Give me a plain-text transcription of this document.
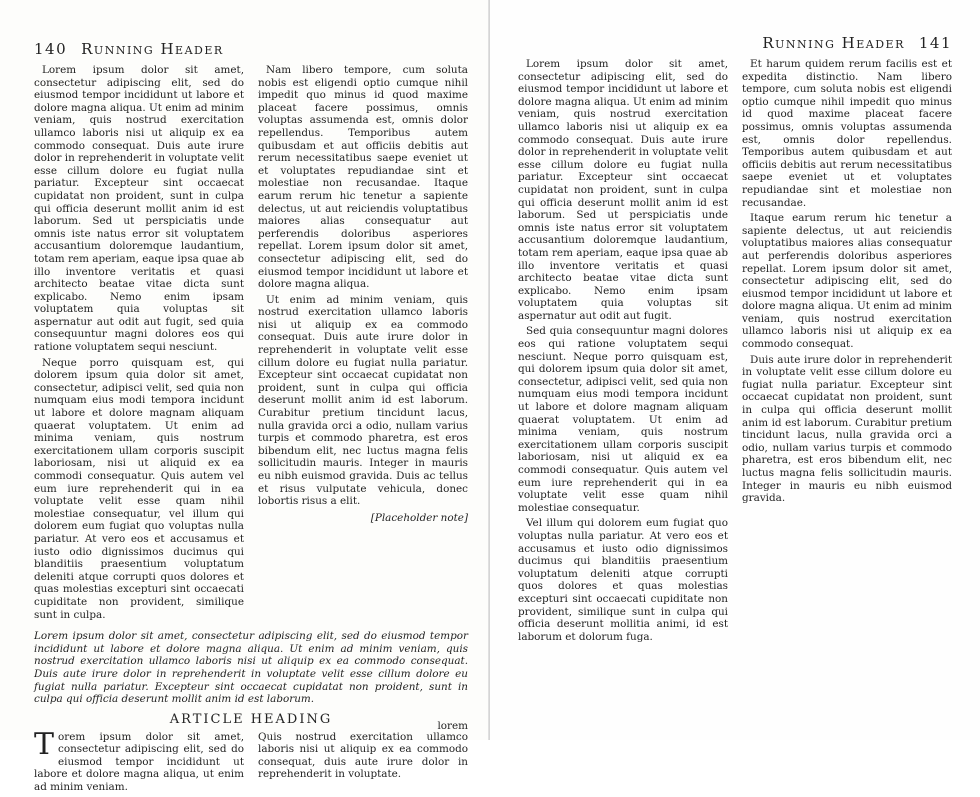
140 Running Header

Lorem ipsum dolor sit amet, consectetur adipiscing elit, sed do eiusmod tempor incididunt ut labore et dolore magna aliqua. Ut enim ad minim veniam, quis nostrud exercitation ullamco laboris nisi ut aliquip ex ea commodo consequat. Duis aute irure dolor in reprehenderit in voluptate velit esse cillum dolore eu fugiat nulla pariatur. Excepteur sint occaecat cupidatat non proident, sunt in culpa qui officia deserunt mollit anim id est laborum. Sed ut perspiciatis unde omnis iste natus error sit voluptatem accusantium doloremque laudantium, totam rem aperiam, eaque ipsa quae ab illo inventore veritatis et quasi architecto beatae vitae dicta sunt explicabo. Nemo enim ipsam voluptatem quia voluptas sit aspernatur aut odit aut fugit, sed quia consequuntur magni dolores eos qui ratione voluptatem sequi nesciunt.

Neque porro quisquam est, qui dolorem ipsum quia dolor sit amet, consectetur, adipisci velit, sed quia non numquam eius modi tempora incidunt ut labore et dolore magnam aliquam quaerat voluptatem. Ut enim ad minima veniam, quis nostrum exercitationem ullam corporis suscipit laboriosam, nisi ut aliquid ex ea commodi consequatur. Quis autem vel eum iure reprehenderit qui in ea voluptate velit esse quam nihil molestiae consequatur, vel illum qui dolorem eum fugiat quo voluptas nulla pariatur. At vero eos et accusamus et iusto odio dignissimos ducimus qui blanditiis praesentium voluptatum deleniti atque corrupti quos dolores et quas molestias excepturi sint occaecati cupiditate non provident, similique sunt in culpa.

Nam libero tempore, cum soluta nobis est eligendi optio cumque nihil impedit quo minus id quod maxime placeat facere possimus, omnis voluptas assumenda est, omnis dolor repellendus. Temporibus autem quibusdam et aut officiis debitis aut rerum necessitatibus saepe eveniet ut et voluptates repudiandae sint et molestiae non recusandae. Itaque earum rerum hic tenetur a sapiente delectus, ut aut reiciendis voluptatibus maiores alias consequatur aut perferendis doloribus asperiores repellat. Lorem ipsum dolor sit amet, consectetur adipiscing elit, sed do eiusmod tempor incididunt ut labore et dolore magna aliqua.

Ut enim ad minim veniam, quis nostrud exercitation ullamco laboris nisi ut aliquip ex ea commodo consequat. Duis aute irure dolor in reprehenderit in voluptate velit esse cillum dolore eu fugiat nulla pariatur. Excepteur sint occaecat cupidatat non proident, sunt in culpa qui officia deserunt mollit anim id est laborum. Curabitur pretium tincidunt lacus, nulla gravida orci a odio, nullam varius turpis et commodo pharetra, est eros bibendum elit, nec luctus magna felis sollicitudin mauris. Integer in mauris eu nibh euismod gravida. Duis ac tellus et risus vulputate vehicula, donec lobortis risus a elit.

[Placeholder note]
Lorem ipsum dolor sit amet, consectetur adipiscing elit, sed do eiusmod tempor incididunt ut labore et dolore magna aliqua. Ut enim ad minim veniam, quis nostrud exercitation ullamco laboris nisi ut aliquip ex ea commodo consequat. Duis aute irure dolor in reprehenderit in voluptate velit esse cillum dolore eu fugiat nulla pariatur. Excepteur sint occaecat cupidatat non proident, sunt in culpa qui officia deserunt mollit anim id est laborum.
ARTICLE HEADING

Torem ipsum dolor sit amet, consectetur adipiscing elit, sed do eiusmod tempor incididunt ut labore et dolore magna aliqua, ut enim ad minim veniam.

Quis nostrud exercitation ullamco laboris nisi ut aliquip ex ea commodo consequat, duis aute irure dolor in reprehenderit in voluptate.

lorem
Running Header 141

Lorem ipsum dolor sit amet, consectetur adipiscing elit, sed do eiusmod tempor incididunt ut labore et dolore magna aliqua. Ut enim ad minim veniam, quis nostrud exercitation ullamco laboris nisi ut aliquip ex ea commodo consequat. Duis aute irure dolor in reprehenderit in voluptate velit esse cillum dolore eu fugiat nulla pariatur. Excepteur sint occaecat cupidatat non proident, sunt in culpa qui officia deserunt mollit anim id est laborum. Sed ut perspiciatis unde omnis iste natus error sit voluptatem accusantium doloremque laudantium, totam rem aperiam, eaque ipsa quae ab illo inventore veritatis et quasi architecto beatae vitae dicta sunt explicabo. Nemo enim ipsam voluptatem quia voluptas sit aspernatur aut odit aut fugit.

Sed quia consequuntur magni dolores eos qui ratione voluptatem sequi nesciunt. Neque porro quisquam est, qui dolorem ipsum quia dolor sit amet, consectetur, adipisci velit, sed quia non numquam eius modi tempora incidunt ut labore et dolore magnam aliquam quaerat voluptatem. Ut enim ad minima veniam, quis nostrum exercitationem ullam corporis suscipit laboriosam, nisi ut aliquid ex ea commodi consequatur. Quis autem vel eum iure reprehenderit qui in ea voluptate velit esse quam nihil molestiae consequatur.

Vel illum qui dolorem eum fugiat quo voluptas nulla pariatur. At vero eos et accusamus et iusto odio dignissimos ducimus qui blanditiis praesentium voluptatum deleniti atque corrupti quos dolores et quas molestias excepturi sint occaecati cupiditate non provident, similique sunt in culpa qui officia deserunt mollitia animi, id est laborum et dolorum fuga.

Et harum quidem rerum facilis est et expedita distinctio. Nam libero tempore, cum soluta nobis est eligendi optio cumque nihil impedit quo minus id quod maxime placeat facere possimus, omnis voluptas assumenda est, omnis dolor repellendus. Temporibus autem quibusdam et aut officiis debitis aut rerum necessitatibus saepe eveniet ut et voluptates repudiandae sint et molestiae non recusandae.

Itaque earum rerum hic tenetur a sapiente delectus, ut aut reiciendis voluptatibus maiores alias consequatur aut perferendis doloribus asperiores repellat. Lorem ipsum dolor sit amet, consectetur adipiscing elit, sed do eiusmod tempor incididunt ut labore et dolore magna aliqua. Ut enim ad minim veniam, quis nostrud exercitation ullamco laboris nisi ut aliquip ex ea commodo consequat.

Duis aute irure dolor in reprehenderit in voluptate velit esse cillum dolore eu fugiat nulla pariatur. Excepteur sint occaecat cupidatat non proident, sunt in culpa qui officia deserunt mollit anim id est laborum. Curabitur pretium tincidunt lacus, nulla gravida orci a odio, nullam varius turpis et commodo pharetra, est eros bibendum elit, nec luctus magna felis sollicitudin mauris. Integer in mauris eu nibh euismod gravida.
